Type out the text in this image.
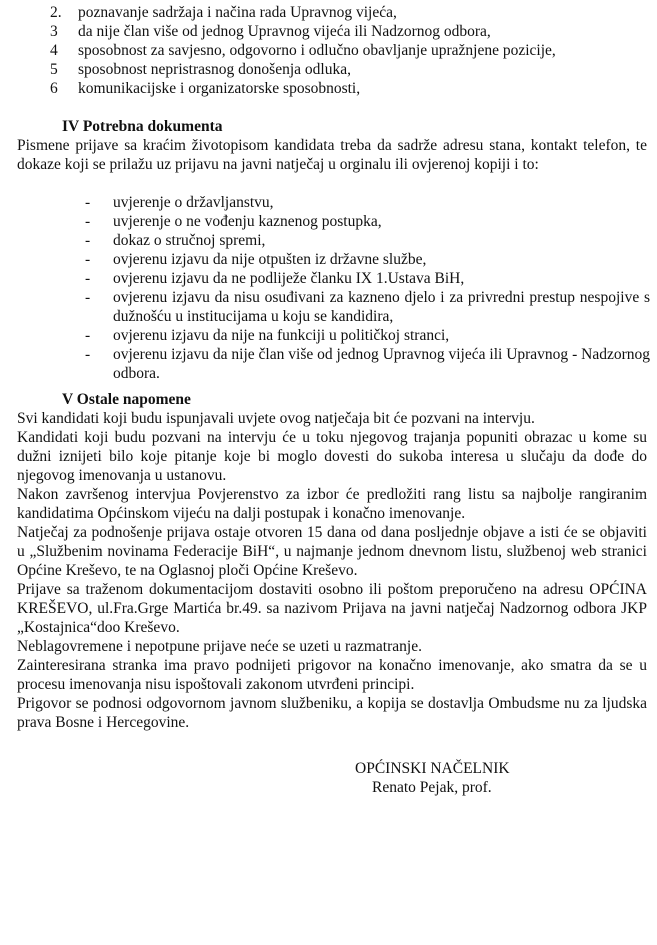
2. poznavanje sadržaja i načina rada Upravnog vijeća,
3	da nije član više od jednog Upravnog vijeća ili Nadzornog odbora,
4	sposobnost za savjesno, odgovorno i odlučno obavljanje upražnjene pozicije,
5	sposobnost nepristrasnog donošenja odluka,
6	komunikacijske i organizatorske sposobnosti,
IV Potrebna dokumenta

Pismene prijave sa kraćim životopisom kandidata treba da sadrže adresu stana, kontakt telefon, te dokaze koji se prilažu uz prijavu na javni natječaj u orginalu ili ovjerenoj kopiji i to:

-	uvjerenje o državljanstvu,
-	uvjerenje o ne vođenju kaznenog postupka,
-	dokaz o stručnoj spremi,
-	ovjerenu izjavu da nije otpušten iz državne službe,
-	ovjerenu izjavu da ne podliježe članku IX 1.Ustava BiH,
-	ovjerenu izjavu da nisu osuđivani za kazneno djelo i za privredni prestup nespojive s dužnošću u institucijama u koju se kandidira,
-	ovjerenu izjavu da nije na funkciji u političkoj stranci,
-	ovjerenu izjavu da nije član više od jednog Upravnog vijeća ili Upravnog - Nadzornog odbora.
V Ostale napomene

Svi kandidati koji budu ispunjavali uvjete ovog natječaja bit će pozvani na intervju.

Kandidati koji budu pozvani na intervju će u toku njegovog trajanja popuniti obrazac u kome su dužni iznijeti bilo koje pitanje koje bi moglo dovesti do sukoba interesa u slučaju da dođe do njegovog imenovanja u ustanovu.

Nakon završenog intervjua Povjerenstvo za izbor će predložiti rang listu sa najbolje rangiranim kandidatima Općinskom vijeću na dalji postupak i konačno imenovanje.

Natječaj za podnošenje prijava ostaje otvoren 15 dana od dana posljednje objave a isti će se objaviti u „Službenim novinama Federacije BiH“, u najmanje jednom dnevnom listu, službenoj web stranici Općine Kreševo, te na Oglasnoj ploči Općine Kreševo.

Prijave sa traženom dokumentacijom dostaviti osobno ili poštom preporučeno na adresu OPĆINA KREŠEVO, ul.Fra.Grge Martića br.49. sa nazivom Prijava na javni natječaj Nadzornog odbora JKP „Kostajnica“doo Kreševo.

Neblagovremene i nepotpune prijave neće se uzeti u razmatranje.

Zainteresirana stranka ima pravo podnijeti prigovor na konačno imenovanje, ako smatra da se u procesu imenovanja nisu ispoštovali zakonom utvrđeni principi.

Prigovor se podnosi odgovornom javnom službeniku, a kopija se dostavlja Ombudsme nu za ljudska prava Bosne i Hercegovine.

OPĆINSKI NAČELNIK
Renato Pejak, prof.
